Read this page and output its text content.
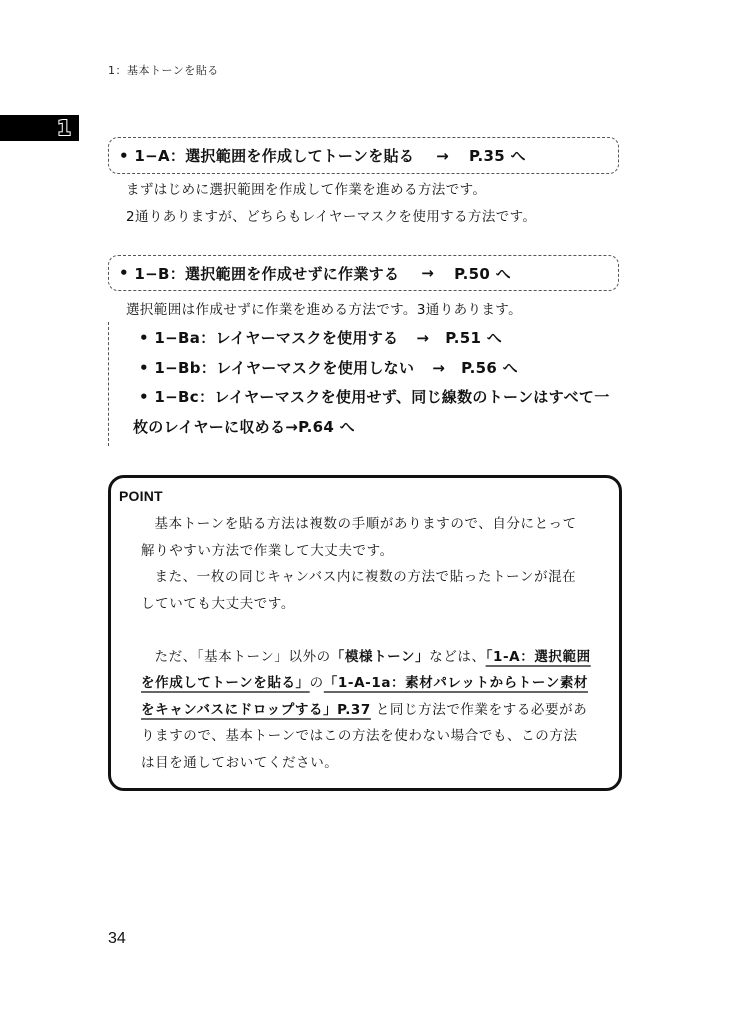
1：基本トーンを貼る
1
•
1−A：選択範囲を作成してトーンを貼る → P.35 へ
まずはじめに選択範囲を作成して作業を進める方法です。
2通りありますが、どちらもレイヤーマスクを使用する方法です。
•
1−B：選択範囲を作成せずに作業する → P.50 へ
選択範囲は作成せずに作業を進める方法です。3通りあります。
• 1−Ba：レイヤーマスクを使用する → P.51 へ
• 1−Bb：レイヤーマスクを使用しない → P.56 へ
• 1−Bc：レイヤーマスクを使用せず、同じ線数のトーンはすべて一
枚のレイヤーに収める→P.64 へ
POINT

基本トーンを貼る方法は複数の手順がありますので、自分にとって

解りやすい方法で作業して大丈夫です。

また、一枚の同じキャンバス内に複数の方法で貼ったトーンが混在

していても大丈夫です。

ただ、「基本トーン」以外の「模様トーン」などは、「1-A：選択範囲

を作成してトーンを貼る」の「1-A-1a：素材パレットからトーン素材

をキャンバスにドロップする」P.37 と同じ方法で作業をする必要があ

りますので、基本トーンではこの方法を使わない場合でも、この方法

は目を通しておいてください。

34
